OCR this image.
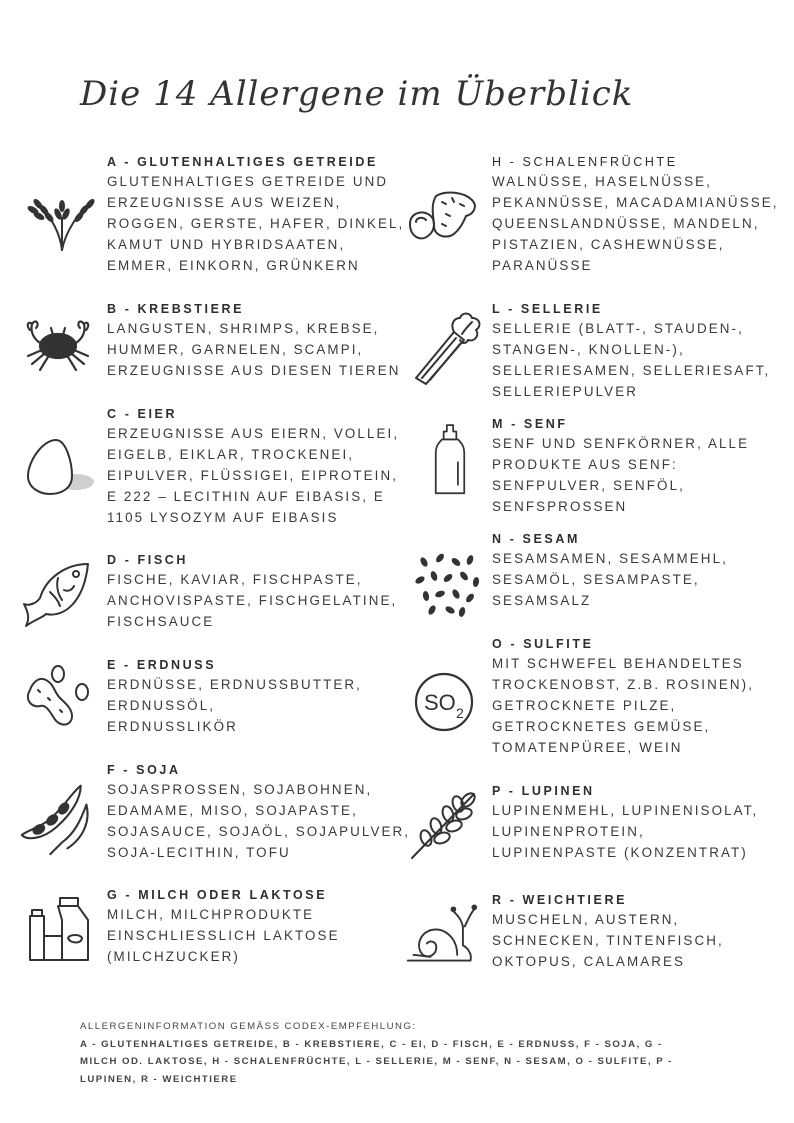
Die 14 Allergene im Überblick
A - GLUTENHALTIGES GETREIDE
GLUTENHALTIGES GETREIDE UND
ERZEUGNISSE AUS WEIZEN,
ROGGEN, GERSTE, HAFER, DINKEL,
KAMUT UND HYBRIDSAATEN,
EMMER, EINKORN, GRÜNKERN
B - KREBSTIERE
LANGUSTEN, SHRIMPS, KREBSE,
HUMMER, GARNELEN, SCAMPI,
ERZEUGNISSE AUS DIESEN TIEREN
C - EIER
ERZEUGNISSE AUS EIERN, VOLLEI,
EIGELB, EIKLAR, TROCKENEI,
EIPULVER, FLÜSSIGEI, EIPROTEIN,
E 222 – LECITHIN AUF EIBASIS, E
1105 LYSOZYM AUF EIBASIS
D - FISCH
FISCHE, KAVIAR, FISCHPASTE,
ANCHOVISPASTE, FISCHGELATINE,
FISCHSAUCE
E - ERDNUSS
ERDNÜSSE, ERDNUSSBUTTER,
ERDNUSSÖL,
ERDNUSSLIKÖR
F - SOJA
SOJASPROSSEN, SOJABOHNEN,
EDAMAME, MISO, SOJAPASTE,
SOJASAUCE, SOJAÖL, SOJAPULVER,
SOJA-LECITHIN, TOFU
G - MILCH ODER LAKTOSE
MILCH, MILCHPRODUKTE
EINSCHLIESSLICH LAKTOSE
(MILCHZUCKER)
H - SCHALENFRÜCHTE
WALNÜSSE, HASELNÜSSE,
PEKANNÜSSE, MACADAMIANÜSSE,
QUEENSLANDNÜSSE, MANDELN,
PISTAZIEN, CASHEWNÜSSE,
PARANÜSSE
L - SELLERIE
SELLERIE (BLATT-, STAUDEN-,
STANGEN-, KNOLLEN-),
SELLERIESAMEN, SELLERIESAFT,
SELLERIEPULVER
M - SENF
SENF UND SENFKÖRNER, ALLE
PRODUKTE AUS SENF:
SENFPULVER, SENFÖL,
SENFSPROSSEN
N - SESAM
SESAMSAMEN, SESAMMEHL,
SESAMÖL, SESAMPASTE,
SESAMSALZ
SO 2
O - SULFITE
MIT SCHWEFEL BEHANDELTES
TROCKENOBST, Z.B. ROSINEN),
GETROCKNETE PILZE,
GETROCKNETES GEMÜSE,
TOMATENPÜREE, WEIN
P - LUPINEN
LUPINENMEHL, LUPINENISOLAT,
LUPINENPROTEIN,
LUPINENPASTE (KONZENTRAT)
R - WEICHTIERE
MUSCHELN, AUSTERN,
SCHNECKEN, TINTENFISCH,
OKTOPUS, CALAMARES
ALLERGENINFORMATION GEMÄSS CODEX-EMPFEHLUNG:
A - GLUTENHALTIGES GETREIDE, B - KREBSTIERE, C - EI, D - FISCH, E - ERDNUSS, F - SOJA, G -
MILCH OD. LAKTOSE, H - SCHALENFRÜCHTE, L - SELLERIE, M - SENF, N - SESAM, O - SULFITE, P -
LUPINEN, R - WEICHTIERE
